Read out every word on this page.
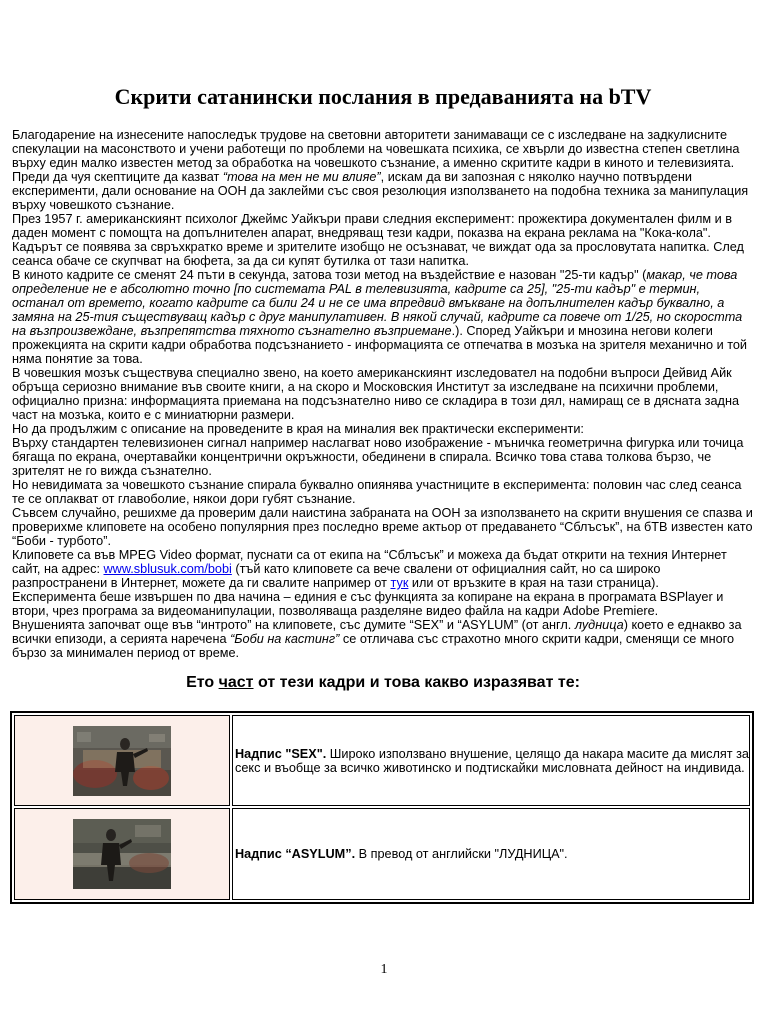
Скрити сатанински послания в предаванията на bTV

Благодарение на изнесените напоследък трудове на световни авторитети занимаващи се с изследване на задкулисните спекулации на масонството и учени работещи по проблеми на човешката психика, се хвърли до известна степен светлина върху един малко известен метод за обработка на човешкото съзнание, а именно скритите кадри в киното и телевизията.

Преди да чуя скептиците да казват “това на мен не ми влияе”, искам да ви запозная с няколко научно потвърдени експерименти, дали основание на ООН да заклейми със своя резолюция използването на подобна техника за манипулация върху човешкото съзнание.

През 1957 г. американскиянт психолог Джеймс Уайкъри прави следния експеримент: прожектира документален филм и в даден момент с помощта на допълнителен апарат, внедряващ тези кадри, показва на екрана реклама на "Кока-кола". Кадърът се появява за свръхкратко време и зрителите изобщо не осъзнават, че виждат ода за прословутата напитка. След сеанса обаче се скупчват на бюфета, за да си купят бутилка от тази напитка.

В киното кадрите се сменят 24 пъти в секунда, затова този метод на въздействие е назован "25-ти кадър" (макар, че това определение не е абсолютно точно [по системата PAL в телевизията, кадрите са 25], "25-ти кадър" е термин, останал от времето, когато кадрите са били 24 и не се има впредвид вмъкване на допълнителен кадър буквално, а замяна на 25-тия съществуващ кадър с друг манипулативен. В някой случай, кадрите са повече от 1/25, но скоростта на възпроизвеждане, възпрепятства тяхното съзнателно възприемане.). Според Уайкъри и мнозина негови колеги прожекцията на скрити кадри обработва подсъзнанието - информацията се отпечатва в мозъка на зрителя механично и той няма понятие за това.

В човешкия мозък съществува специално звено, на което американскиянт изследовател на подобни въпроси Дейвид Айк обръща сериозно внимание във своите книги, а на скоро и Московския Институт за изследване на психични проблеми, официално призна: информацията приемана на подсъзнателно ниво се складира в този дял, намиращ се в дясната задна част на мозъка, които е с миниатюрни размери.

Но да продължим с описание на проведените в края на миналия век практически експерименти:

Върху стандартен телевизионен сигнал например наслагват ново изображение - мъничка геометрична фигурка или точица бягаща по екрана, очертавайки концентрични окръжности, обединени в спирала. Всичко това става толкова бързо, че зрителят не го вижда съзнателно.

Но невидимата за човешкото съзнание спирала буквално опиянява участниците в експеримента: половин час след сеанса те се оплакват от главоболие, някои дори губят съзнание.

Съвсем случайно, решихме да проверим дали наистина забраната на ООН за използването на скрити внушения се спазва и проверихме клиповете на особено популярния през последно време актьор от предаването “Сблъсък”, на бТВ известен като “Боби - турбото”.

Клиповете са във MPEG Video формат, пуснати са от екипа на “Сблъсък” и можеха да бъдат открити на техния Интернет сайт, на адрес: www.sblusuk.com/bobi (тъй като клиповете са вече свалени от официалния сайт, но са широко разпространени в Интернет, можете да ги свалите например от тук или от връзките в края на тази страница).

Експеримента беше извършен по два начина – единия е със функцията за копиране на екрана в програмата BSPlayer и втори, чрез програма за видеоманипулации, позволяваща разделяне видео файла на кадри Adobe Premiere.

Внушенията започват още във “интрото” на клиповете, със думите “SEX” и “ASYLUM” (от англ. лудница) което е еднакво за всички епизоди, а серията наречена “Боби на кастинг” се отличава със страхотно много скрити кадри, сменящи се много бързо за минимален период от време.

Ето част от тези кадри и това какво изразяват те:
	Надпис "SEX". Широко използвано внушение, целящо да накара масите да мислят за секс и въобще за всичко животинско и подтискайки мисловната дейност на индивида.

	Надпис “ASYLUM”. В превод от английски "ЛУДНИЦА".
1
